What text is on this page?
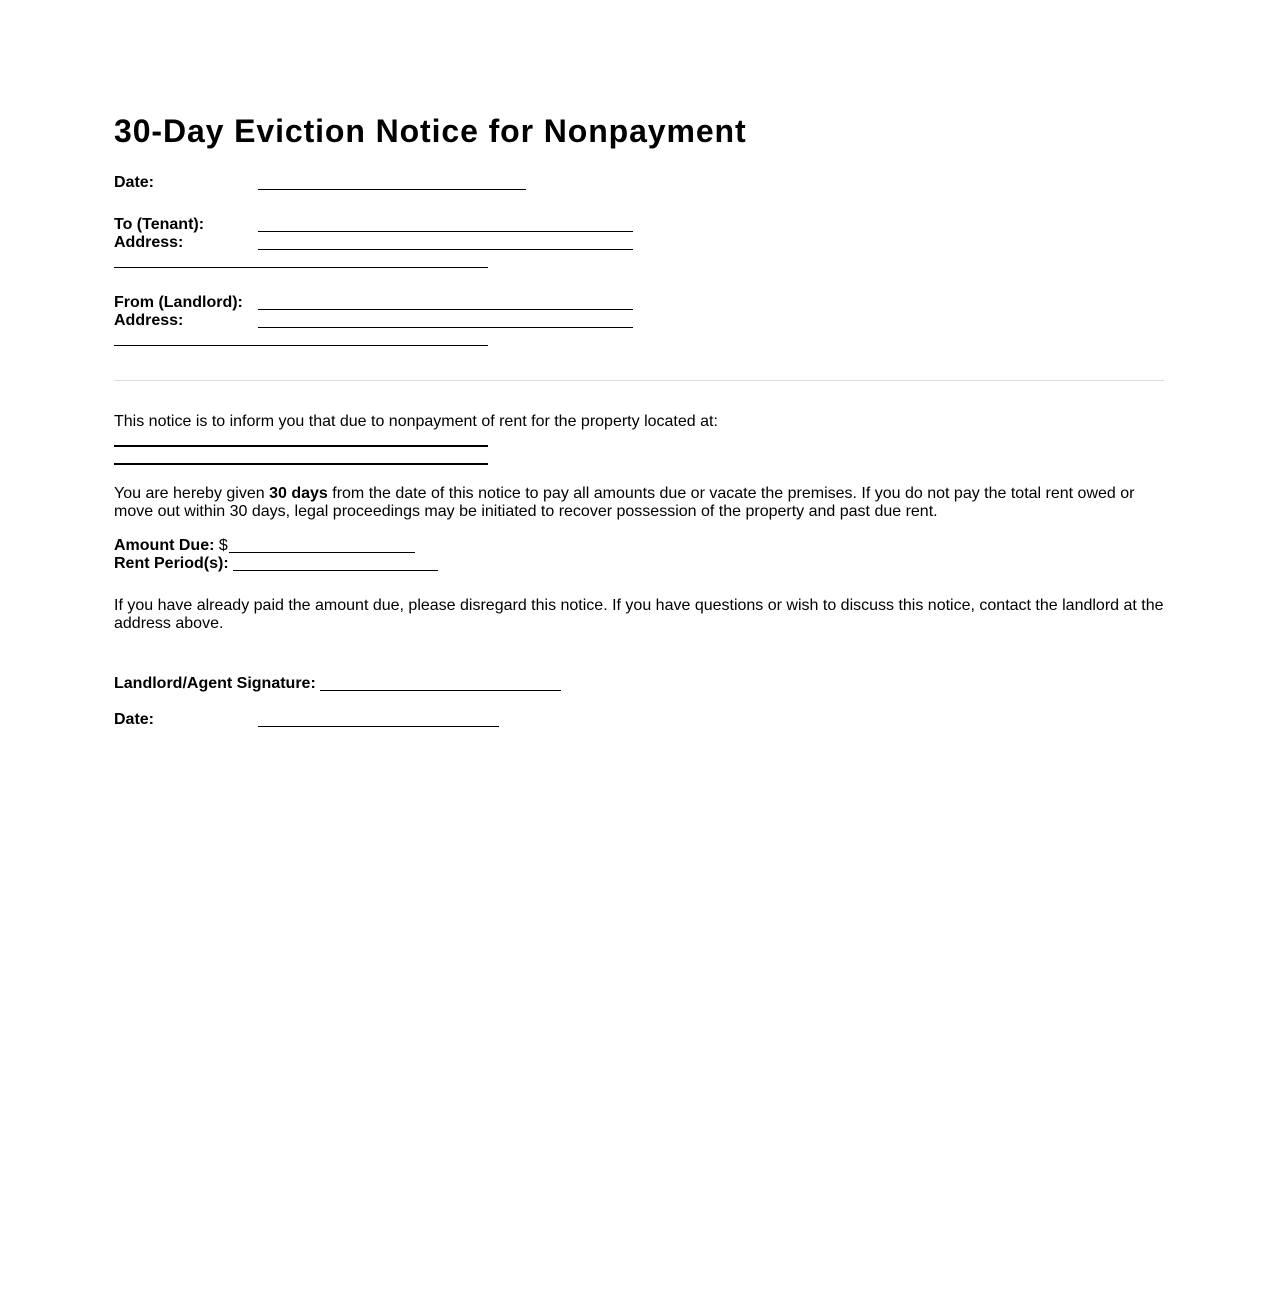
30-Day Eviction Notice for Nonpayment
Date:
To (Tenant):
Address:
From (Landlord):
Address:
This notice is to inform you that due to nonpayment of rent for the property located at:
You are hereby given 30 days from the date of this notice to pay all amounts due or vacate the premises. If you do not pay the total rent owed or move out within 30 days, legal proceedings may be initiated to recover possession of the property and past due rent.
Amount Due: $
Rent Period(s):
If you have already paid the amount due, please disregard this notice. If you have questions or wish to discuss this notice, contact the landlord at the address above.
Landlord/Agent Signature:
Date:
